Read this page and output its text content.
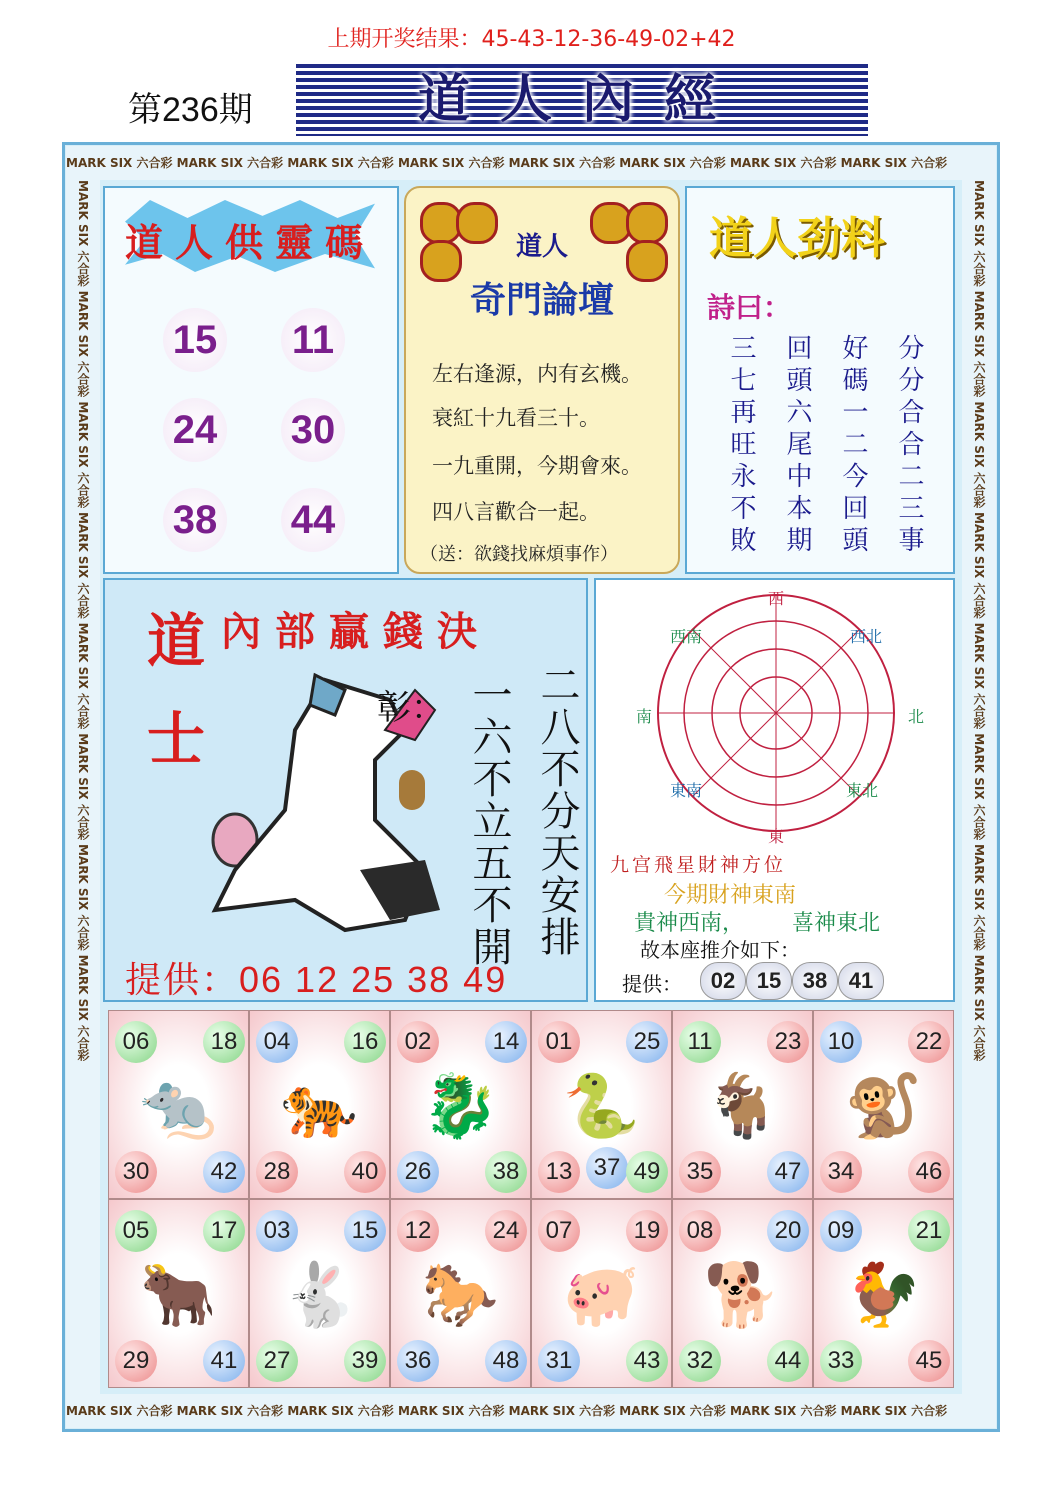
上期开奖结果：45-43-12-36-49-02+42
第236期	道人內經
MARK SIX 六合彩 MARK SIX 六合彩 MARK SIX 六合彩 MARK SIX 六合彩 MARK SIX 六合彩 MARK SIX 六合彩 MARK SIX 六合彩 MARK SIX 六合彩
MARK SIX 六合彩 MARK SIX 六合彩 MARK SIX 六合彩 MARK SIX 六合彩 MARK SIX 六合彩 MARK SIX 六合彩 MARK SIX 六合彩 MARK SIX 六合彩
MARK SIX 六合彩 MARK SIX 六合彩 MARK SIX 六合彩 MARK SIX 六合彩 MARK SIX 六合彩 MARK SIX 六合彩 MARK SIX 六合彩 MARK SIX 六合彩	MARK SIX 六合彩 MARK SIX 六合彩 MARK SIX 六合彩 MARK SIX 六合彩 MARK SIX 六合彩 MARK SIX 六合彩 MARK SIX 六合彩 MARK SIX 六合彩
道人供靈碼
15 11
24 30
38 44
道人
奇門論壇
左右逢源，内有玄機。
衰紅十九看三十。
一九重開，今期會來。
四八言歡合一起。
（送：欲錢找麻煩事作）
道人劲料
詩曰：
三七再旺永不敗 回頭六尾中本期 好碼一二今回頭 分分合合二三事
內部贏錢決
道士	彰： 二八不分天安排
一六不立五不開
提供：06 12 25 38 49
西
東
南	北
西南	西北
東南	東北
九宫飛星財神方位
今期財神東南
貴神西南， 喜神東北
故本座推介如下：
提供：	02 15 38 41
06	18
30	42
🐀
04	16
28	40
🐅
02	14
26	38
🐉
01	25
13 37 49
🐍
11	23
35	47
🐐
10	22
34	46
🐒
05	17
29	41
🐂
03	15
27	39
🐇
12	24
36	48
🐎
07	19
31	43
🐖
08	20
32	44
🐕
09	21
33	45
🐓
